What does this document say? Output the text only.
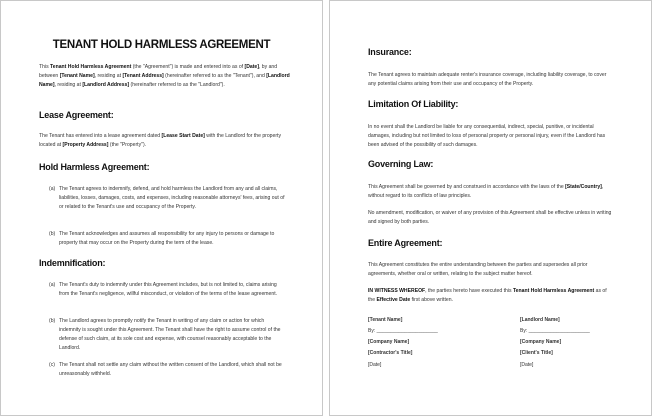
TENANT HOLD HARMLESS AGREEMENT
This Tenant Hold Harmless Agreement (the "Agreement") is made and entered into as of [Date], by and between [Tenant Name], residing at [Tenant Address] (hereinafter referred to as the "Tenant"), and [Landlord Name], residing at [Landlord Address] (hereinafter referred to as the "Landlord").
Lease Agreement:
The Tenant has entered into a lease agreement dated [Lease Start Date] with the Landlord for the property located at [Property Address] (the "Property").
Hold Harmless Agreement:
(a) The Tenant agrees to indemnify, defend, and hold harmless the Landlord from any and all claims, liabilities, losses, damages, costs, and expenses, including reasonable attorneys' fees, arising out of or related to the Tenant's use and occupancy of the Property.
(b) The Tenant acknowledges and assumes all responsibility for any injury to persons or damage to property that may occur on the Property during the term of the lease.
Indemnification:
(a) The Tenant's duty to indemnify under this Agreement includes, but is not limited to, claims arising from the Tenant's negligence, willful misconduct, or violation of the terms of the lease agreement.
(b) The Landlord agrees to promptly notify the Tenant in writing of any claim or action for which indemnity is sought under this Agreement. The Tenant shall have the right to assume control of the defense of such claim, at its sole cost and expense, with counsel reasonably acceptable to the Landlord.
(c) The Tenant shall not settle any claim without the written consent of the Landlord, which shall not be unreasonably withheld.
Insurance:
The Tenant agrees to maintain adequate renter's insurance coverage, including liability coverage, to cover any potential claims arising from their use and occupancy of the Property.
Limitation Of Liability:
In no event shall the Landlord be liable for any consequential, indirect, special, punitive, or incidental damages, including but not limited to loss of personal property or personal injury, even if the Landlord has been advised of the possibility of such damages.
Governing Law:
This Agreement shall be governed by and construed in accordance with the laws of the [State/Country], without regard to its conflicts of law principles.
No amendment, modification, or waiver of any provision of this Agreement shall be effective unless in writing and signed by both parties.
Entire Agreement:
This Agreement constitutes the entire understanding between the parties and supersedes all prior agreements, whether oral or written, relating to the subject matter hereof.
IN WITNESS WHEREOF, the parties hereto have executed this Tenant Hold Harmless Agreement as of the Effective Date first above written.
[Tenant Name]
By: ______________________
[Company Name]
[Contractor's Title]
[Date]
[Landlord Name]
By: ______________________
[Company Name]
[Client's Title]
[Date]
